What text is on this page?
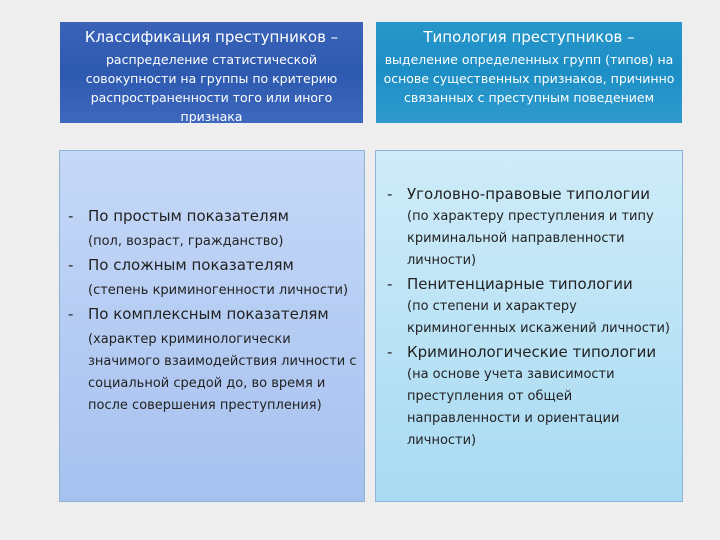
Классификация преступников –
распределение статистической совокупности на группы по критерию распространенности того или иного признака
Типология преступников –
выделение определенных групп (типов) на основе существенных признаков, причинно связанных с преступным поведением
- По простым показателям
(пол, возраст, гражданство)
- По сложным показателям
(степень криминогенности личности)
- По комплексным показателям
(характер криминологически значимого взаимодействия личности с социальной средой до, во время и после совершения преступления)
- Уголовно-правовые типологии
(по характеру преступления и типу криминальной направленности личности)
- Пенитенциарные типологии
(по степени и характеру криминогенных искажений личности)
- Криминологические типологии
(на основе учета зависимости преступления от общей направленности и ориентации личности)
